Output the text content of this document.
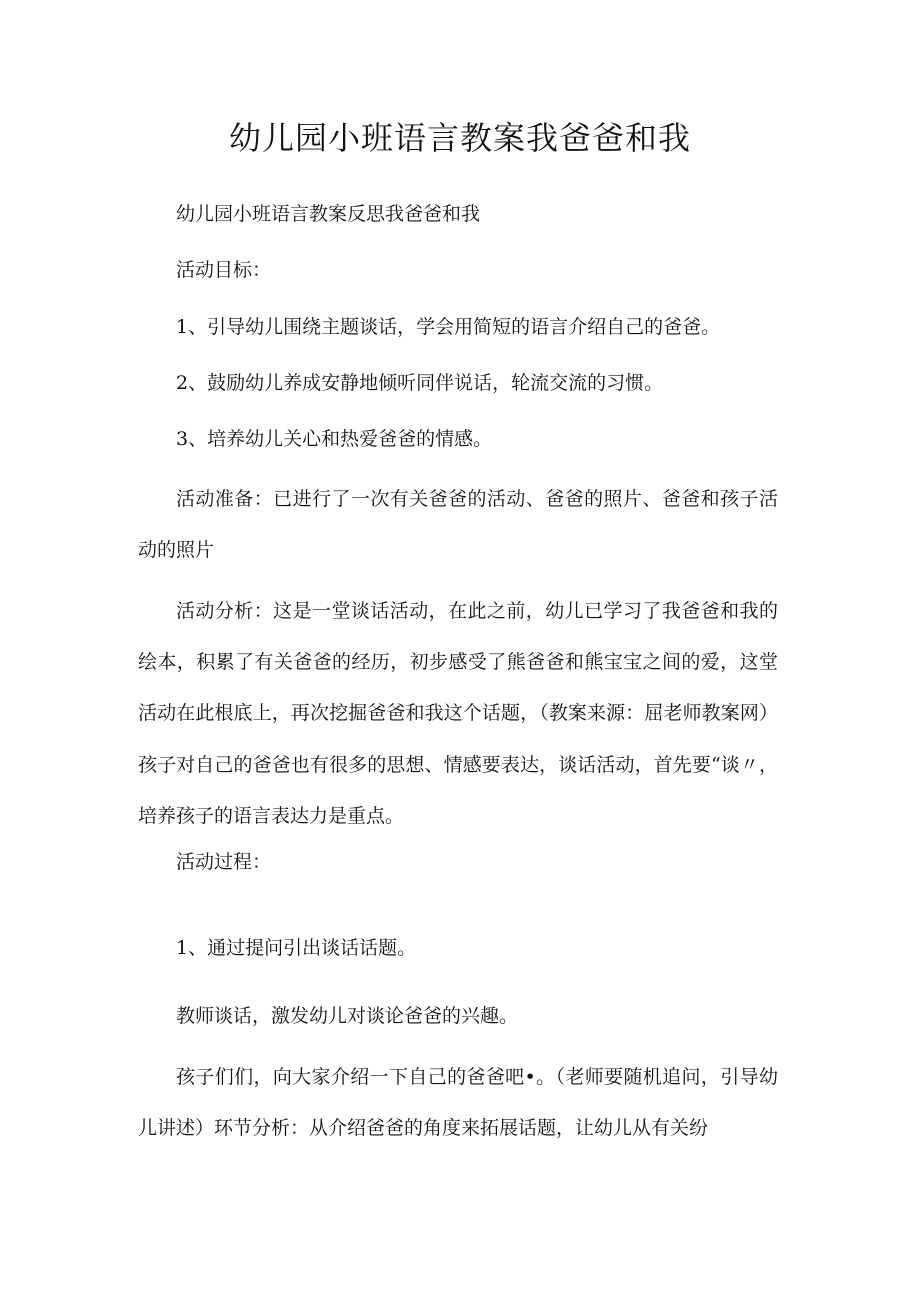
幼儿园小班语言教案我爸爸和我

幼儿园小班语言教案反思我爸爸和我

活动目标：

1、引导幼儿围绕主题谈话，学会用简短的语言介绍自己的爸爸。

2、鼓励幼儿养成安静地倾听同伴说话，轮流交流的习惯。

3、培养幼儿关心和热爱爸爸的情感。

活动准备：已进行了一次有关爸爸的活动、爸爸的照片、爸爸和孩子活动的照片

活动分析：这是一堂谈话活动，在此之前，幼儿已学习了我爸爸和我的绘本，积累了有关爸爸的经历，初步感受了熊爸爸和熊宝宝之间的爱，这堂活动在此根底上，再次挖掘爸爸和我这个话题，（教案来源：屈老师教案网）孩子对自己的爸爸也有很多的思想、情感要表达，谈话活动，首先要“谈〃，培养孩子的语言表达力是重点。

活动过程：

1、通过提问引出谈话话题。

教师谈话，激发幼儿对谈论爸爸的兴趣。

孩子们们，向大家介绍一下自己的爸爸吧•。（老师要随机追问，引导幼儿讲述）环节分析：从介绍爸爸的角度来拓展话题，让幼儿从有关纷
